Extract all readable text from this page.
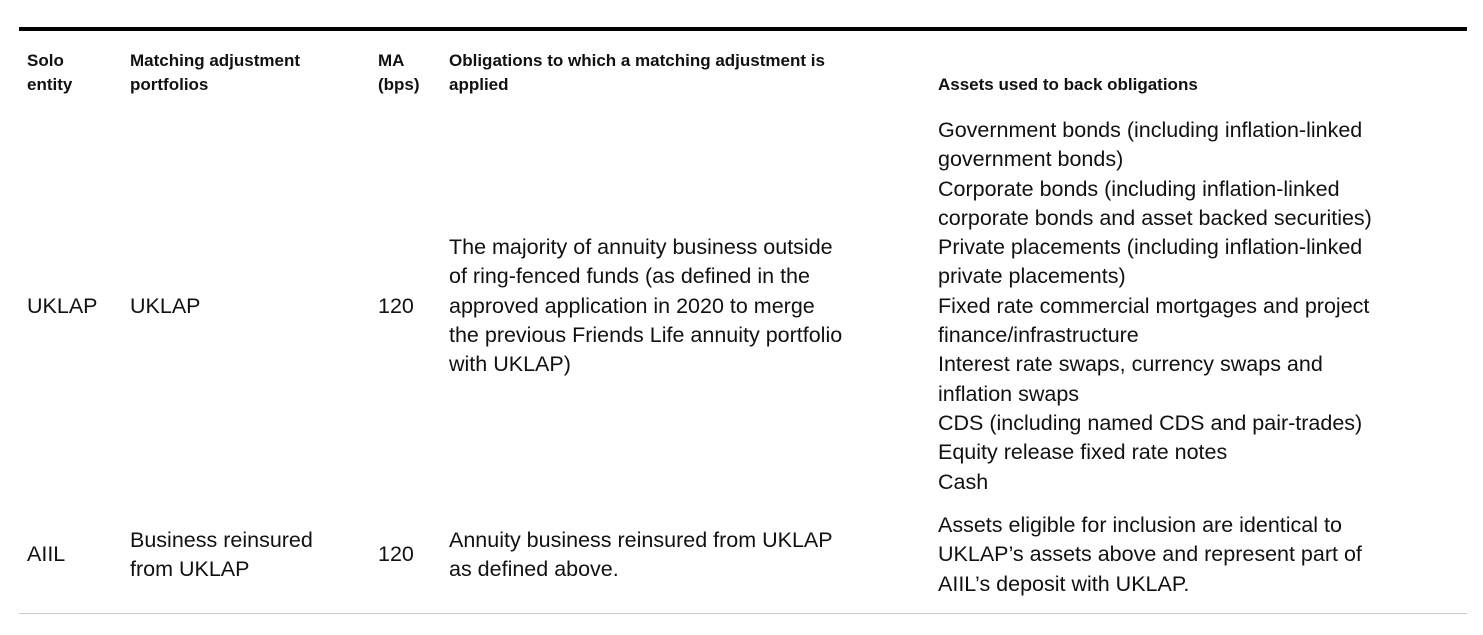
Solo
entity
Matching adjustment
portfolios
MA
(bps)
Obligations to which a matching adjustment is
applied	Assets used to back obligations
UKLAP UKLAP	120
The majority of annuity business outside
of ring-fenced funds (as defined in the
approved application in 2020 to merge
the previous Friends Life annuity portfolio
with UKLAP)
Government bonds (including inflation-linked
government bonds)
Corporate bonds (including inflation-linked
corporate bonds and asset backed securities)
Private placements (including inflation-linked
private placements)
Fixed rate commercial mortgages and project
finance/infrastructure
Interest rate swaps, currency swaps and
inflation swaps
CDS (including named CDS and pair-trades)
Equity release fixed rate notes
Cash
AIIL
Business reinsured
from UKLAP
120
Annuity business reinsured from UKLAP
as defined above.
Assets eligible for inclusion are identical to
UKLAP’s assets above and represent part of
AIIL’s deposit with UKLAP.
